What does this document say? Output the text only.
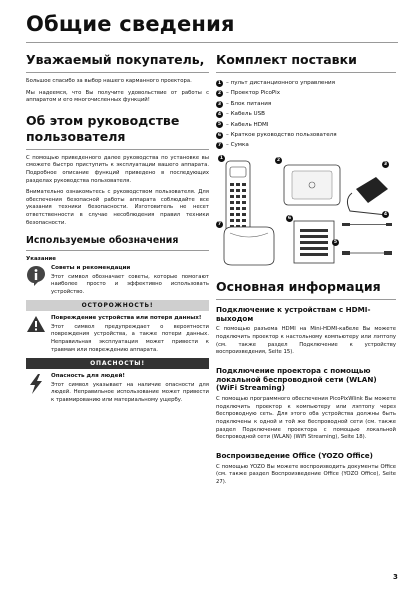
Общие сведения
Уважаемый покупатель,

Большое спасибо за выбор нашего карманного проектора.

Мы надеемся, что Вы получите удовольствие от работы с аппаратом и его многочисленных функций!

Об этом руководстве
пользователя

С помощью приведенного далее руководства по установке вы сможете быстро приступить к эксплуатации вашего аппарата. Подробное описание функций приведено в последующих разделах руководства пользователя.

Внимательно ознакомьтесь с руководством пользователя. Для обеспечения безопасной работы аппарата соблюдайте все указания техники безопасности. Изготовитель не несет ответственности в случае несоблюдения правил техники безопасности.

Используемые обозначения
Указание
Советы и рекомендации

Этот символ обозначает советы, которые помогают наиболее просто и эффективно использовать устройство.

ОСТОРОЖНОСТЬ!
Повреждение устройства или потеря данных!

Этот символ предупреждает о вероятности повреждения устройства, а также потери данных. Неправильная эксплуатация может привести к травмам или повреждению аппарата.

ОПАСНОСТЫ!
Опасность для людей!

Этот символ указывает на наличие опасности для людей. Неправильное использование может привести к травмированию или материальному ущербу.

Комплект поставки
1 – пульт дистанционного управления
2 – Проектор PicoPix
3 – Блок питания
4 – Кабель USB
5 – Кабель HDMI
6 – Краткое руководство пользователя
7 – Сумка
1	2
3
4
5
6
7
Основная информация
Подключение к устройствам с HDMI-
выходом

С помощью разъема HDMI на Mini-HDMI-кабеле Вы можете подключить проектор к настольному компьютеру или лэптопу (см. также раздел Подключение к устройству воспроизведения, Seite 15).

Подключение проектора с помощью
локальной беспроводной сети (WLAN)
(WiFi Streaming)

С помощью программного обеспечения PicoPixWlink Вы можете подключить проектор к компьютеру или лэптопу через беспроводную сеть. Для этого оба устройства должны быть подключены к одной и той же беспроводной сети (см. также раздел Подключение проектора с помощью локальной беспроводной сети (WLAN) (WiFi Streaming), Seite 18).

Воспроизведение Office (YOZO Office)

С помощью YOZO Вы можете воспроизводить документы Office (см. также раздел Воспроизведение Office (YOZO Office), Seite 27).

3
